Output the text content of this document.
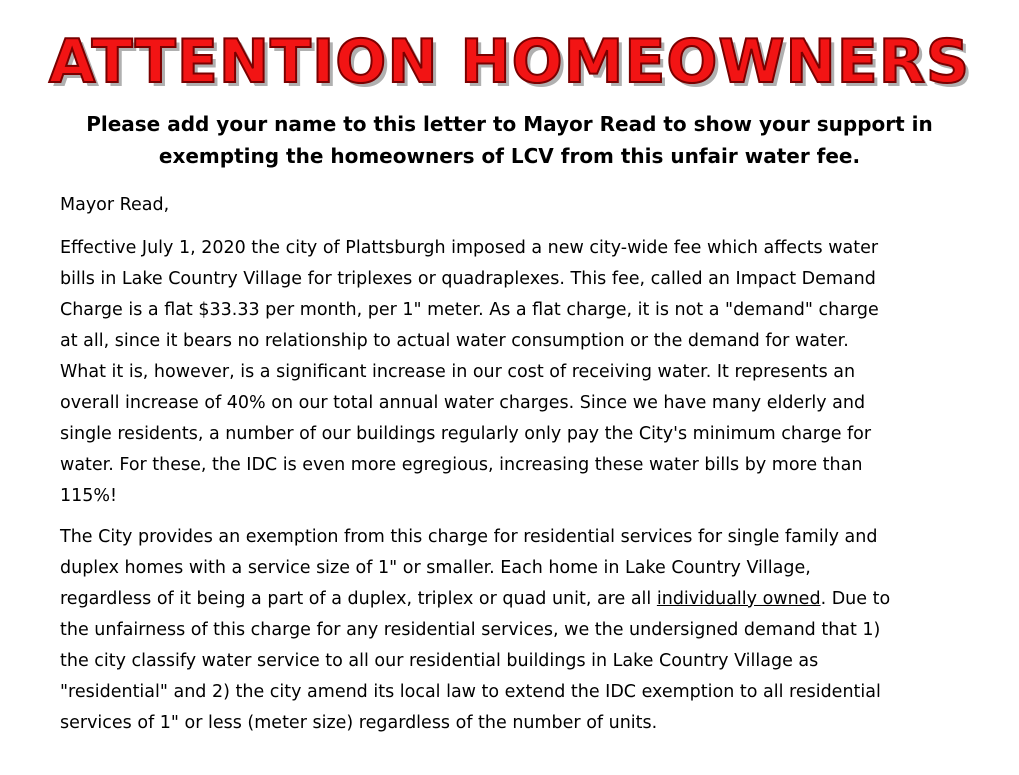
ATTENTION HOMEOWNERS
Please add your name to this letter to Mayor Read to show your support in
exempting the homeowners of LCV from this unfair water fee.
Mayor Read,
Effective July 1, 2020 the city of Plattsburgh imposed a new city-wide fee which affects water
bills in Lake Country Village for triplexes or quadraplexes. This fee, called an Impact Demand
Charge is a flat $33.33 per month, per 1" meter. As a flat charge, it is not a "demand" charge
at all, since it bears no relationship to actual water consumption or the demand for water.
What it is, however, is a significant increase in our cost of receiving water. It represents an
overall increase of 40% on our total annual water charges. Since we have many elderly and
single residents, a number of our buildings regularly only pay the City's minimum charge for
water. For these, the IDC is even more egregious, increasing these water bills by more than
115%!
The City provides an exemption from this charge for residential services for single family and
duplex homes with a service size of 1" or smaller. Each home in Lake Country Village,
regardless of it being a part of a duplex, triplex or quad unit, are all individually owned. Due to
the unfairness of this charge for any residential services, we the undersigned demand that 1)
the city classify water service to all our residential buildings in Lake Country Village as
"residential" and 2) the city amend its local law to extend the IDC exemption to all residential
services of 1" or less (meter size) regardless of the number of units.
